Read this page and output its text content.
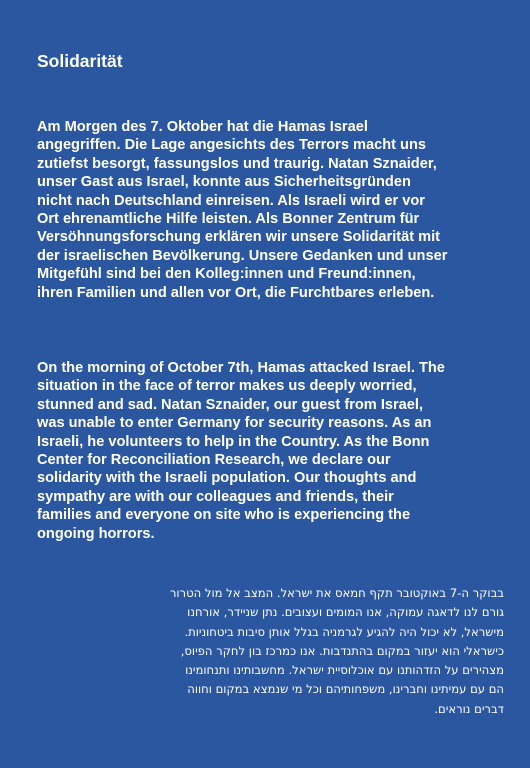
Solidarität

Am Morgen des 7. Oktober hat die Hamas Israel
angegriffen. Die Lage angesichts des Terrors macht uns
zutiefst besorgt, fassungslos und traurig. Natan Sznaider,
unser Gast aus Israel, konnte aus Sicherheitsgründen
nicht nach Deutschland einreisen. Als Israeli wird er vor
Ort ehrenamtliche Hilfe leisten. Als Bonner Zentrum für
Versöhnungsforschung erklären wir unsere Solidarität mit
der israelischen Bevölkerung. Unsere Gedanken und unser
Mitgefühl sind bei den Kolleg:innen und Freund:innen,
ihren Familien und allen vor Ort, die Furchtbares erleben.

On the morning of October 7th, Hamas attacked Israel. The
situation in the face of terror makes us deeply worried,
stunned and sad. Natan Sznaider, our guest from Israel,
was unable to enter Germany for security reasons. As an
Israeli, he volunteers to help in the Country. As the Bonn
Center for Reconciliation Research, we declare our
solidarity with the Israeli population. Our thoughts and
sympathy are with our colleagues and friends, their
families and everyone on site who is experiencing the
ongoing horrors.

בבוקר ה-7 באוקטובר תקף חמאס את ישראל. המצב אל מול הטרור
גורם לנו לדאגה עמוקה, אנו המומים ועצובים. נתן שניידר, אורחנו
מישראל, לא יכול היה להגיע לגרמניה בגלל אותן סיבות ביטחוניות.
כישראלי הוא יעזור במקום בהתנדבות. אנו כמרכז בון לחקר הפיוס,
מצהירים על הזדהותנו עם אוכלוסיית ישראל. מחשבותינו ותנחומינו
הם עם עמיתינו וחברינו, משפחותיהם וכל מי שנמצא במקום וחווה
דברים נוראים.
